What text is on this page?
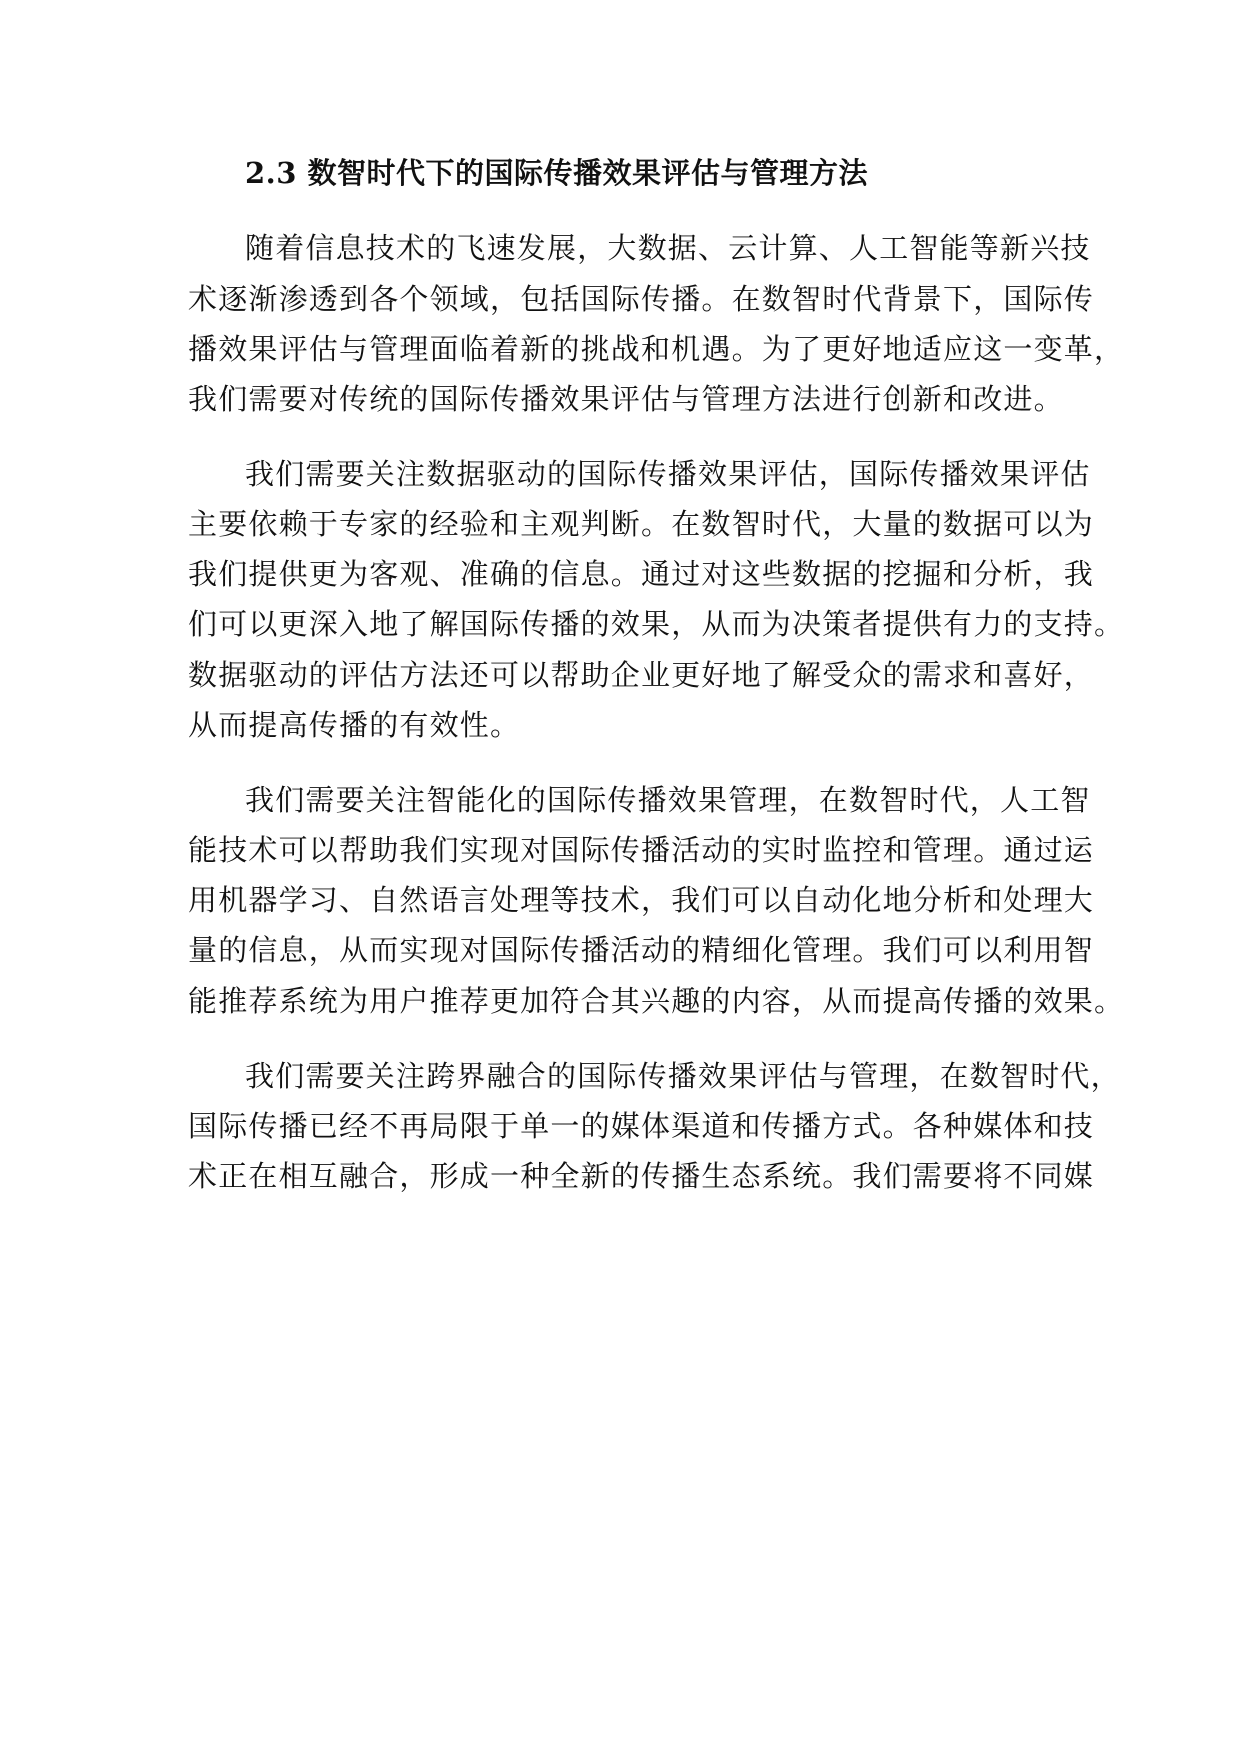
2.3 数智时代下的国际传播效果评估与管理方法

随着信息技术的飞速发展，大数据、云计算、人工智能等新兴技

术逐渐渗透到各个领域，包括国际传播。在数智时代背景下，国际传

播效果评估与管理面临着新的挑战和机遇。为了更好地适应这一变革，

我们需要对传统的国际传播效果评估与管理方法进行创新和改进。

我们需要关注数据驱动的国际传播效果评估，国际传播效果评估

主要依赖于专家的经验和主观判断。在数智时代，大量的数据可以为

我们提供更为客观、准确的信息。通过对这些数据的挖掘和分析，我

们可以更深入地了解国际传播的效果，从而为决策者提供有力的支持。

数据驱动的评估方法还可以帮助企业更好地了解受众的需求和喜好，

从而提高传播的有效性。

我们需要关注智能化的国际传播效果管理，在数智时代，人工智

能技术可以帮助我们实现对国际传播活动的实时监控和管理。通过运

用机器学习、自然语言处理等技术，我们可以自动化地分析和处理大

量的信息，从而实现对国际传播活动的精细化管理。我们可以利用智

能推荐系统为用户推荐更加符合其兴趣的内容，从而提高传播的效果。

我们需要关注跨界融合的国际传播效果评估与管理，在数智时代，

国际传播已经不再局限于单一的媒体渠道和传播方式。各种媒体和技

术正在相互融合，形成一种全新的传播生态系统。我们需要将不同媒
